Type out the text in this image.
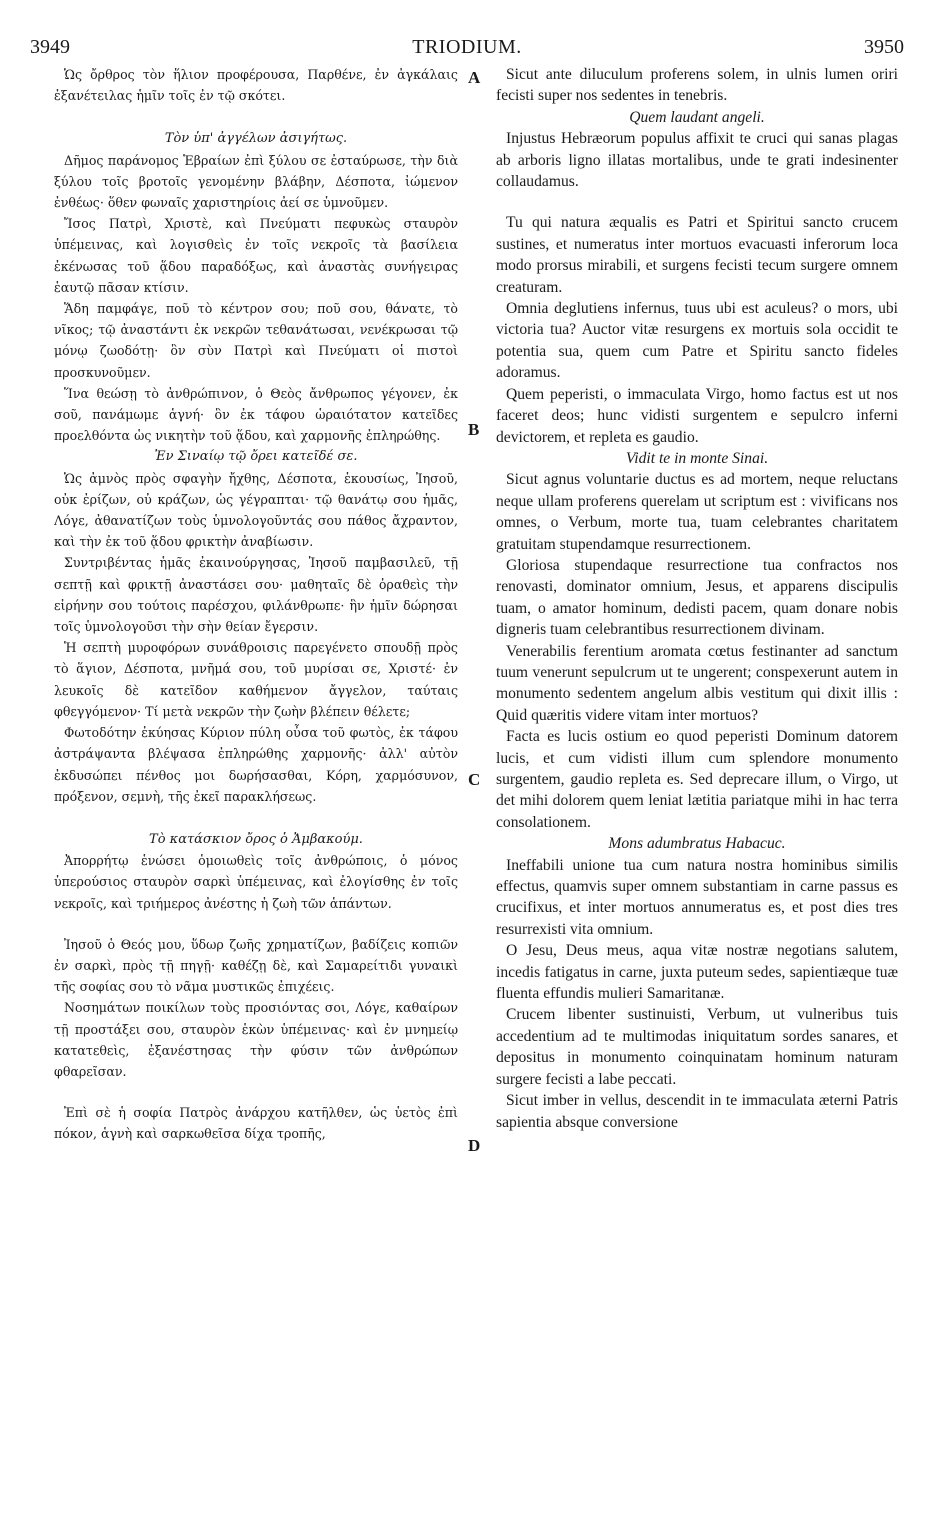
3949	TRIODIUM.	3950
A
B
C
D

Ὡς ὄρθρος τὸν ἥλιον προφέρουσα, Παρθένε, ἐν ἀγκάλαις ἐξανέτειλας ἡμῖν τοῖς ἐν τῷ σκότει.

Τὸν ὑπ' ἀγγέλων ἀσιγήτως.

Δῆμος παράνομος Ἑβραίων ἐπὶ ξύλου σε ἐσταύρωσε, τὴν διὰ ξύλου τοῖς βροτοῖς γενομένην βλάβην, Δέσποτα, ἰώμενον ἐνθέως· ὅθεν φωναῖς χαριστηρίοις ἀεί σε ὑμνοῦμεν.

Ἴσος Πατρὶ, Χριστὲ, καὶ Πνεύματι πεφυκὼς σταυρὸν ὑπέμεινας, καὶ λογισθεὶς ἐν τοῖς νεκροῖς τὰ βασίλεια ἐκένωσας τοῦ ᾅδου παραδόξως, καὶ ἀναστὰς συνήγειρας ἑαυτῷ πᾶσαν κτίσιν.

Ἅδη παμφάγε, ποῦ τὸ κέντρον σου; ποῦ σου, θάνατε, τὸ νῖκος; τῷ ἀναστάντι ἐκ νεκρῶν τεθανάτωσαι, νενέκρωσαι τῷ μόνῳ ζωοδότῃ· ὃν σὺν Πατρὶ καὶ Πνεύματι οἱ πιστοὶ προσκυνοῦμεν.

Ἵνα θεώσῃ τὸ ἀνθρώπινον, ὁ Θεὸς ἄνθρωπος γέγονεν, ἐκ σοῦ, πανάμωμε ἁγνή· ὃν ἐκ τάφου ὡραιότατον κατεῖδες προελθόντα ὡς νικητὴν τοῦ ᾅδου, καὶ χαρμονῆς ἐπληρώθης.

Ἐν Σιναίῳ τῷ ὄρει κατεῖδέ σε.

Ὡς ἀμνὸς πρὸς σφαγὴν ἤχθης, Δέσποτα, ἑκουσίως, Ἰησοῦ, οὐκ ἐρίζων, οὐ κράζων, ὡς γέγραπται· τῷ θανάτῳ σου ἡμᾶς, Λόγε, ἀθανατίζων τοὺς ὑμνολογοῦντάς σου πάθος ἄχραντον, καὶ τὴν ἐκ τοῦ ᾅδου φρικτὴν ἀναβίωσιν.

Συντριβέντας ἡμᾶς ἐκαινούργησας, Ἰησοῦ παμβασιλεῦ, τῇ σεπτῇ καὶ φρικτῇ ἀναστάσει σου· μαθηταῖς δὲ ὀραθεὶς τὴν εἰρήνην σου τούτοις παρέσχου, φιλάνθρωπε· ἣν ἡμῖν δώρησαι τοῖς ὑμνολογοῦσι τὴν σὴν θείαν ἔγερσιν.

Ἡ σεπτὴ μυροφόρων συνάθροισις παρεγένετο σπουδῇ πρὸς τὸ ἅγιον, Δέσποτα, μνῆμά σου, τοῦ μυρίσαι σε, Χριστέ· ἐν λευκοῖς δὲ κατεῖδον καθήμενον ἄγγελον, ταύταις φθεγγόμενον· Τί μετὰ νεκρῶν τὴν ζωὴν βλέπειν θέλετε;

Φωτοδότην ἐκύησας Κύριον πύλη οὖσα τοῦ φωτὸς, ἐκ τάφου ἀστράψαντα βλέψασα ἐπληρώθης χαρμονῆς· ἀλλ' αὐτὸν ἐκδυσώπει πένθος μοι δωρήσασθαι, Κόρη, χαρμόσυνον, πρόξενον, σεμνὴ, τῆς ἐκεῖ παρακλήσεως.

Τὸ κατάσκιον ὄρος ὁ Ἀμβακούμ.

Ἀπορρήτῳ ἑνώσει ὁμοιωθεὶς τοῖς ἀνθρώποις, ὁ μόνος ὑπερούσιος σταυρὸν σαρκὶ ὑπέμεινας, καὶ ἐλογίσθης ἐν τοῖς νεκροῖς, καὶ τριήμερος ἀνέστης ἡ ζωὴ τῶν ἁπάντων.

Ἰησοῦ ὁ Θεός μου, ὕδωρ ζωῆς χρηματίζων, βαδίζεις κοπιῶν ἐν σαρκὶ, πρὸς τῇ πηγῇ· καθέζῃ δὲ, καὶ Σαμαρείτιδι γυναικὶ τῆς σοφίας σου τὸ νᾶμα μυστικῶς ἐπιχέεις.

Νοσημάτων ποικίλων τοὺς προσιόντας σοι, Λόγε, καθαίρων τῇ προστάξει σου, σταυρὸν ἑκὼν ὑπέμεινας· καὶ ἐν μνημείῳ κατατεθεὶς, ἐξανέστησας τὴν φύσιν τῶν ἀνθρώπων φθαρεῖσαν.

Ἐπὶ σὲ ἡ σοφία Πατρὸς ἀνάρχου κατῆλθεν, ὡς ὑετὸς ἐπὶ πόκον, ἁγνὴ καὶ σαρκωθεῖσα δίχα τροπῆς,

Sicut ante diluculum proferens solem, in ulnis lumen oriri fecisti super nos sedentes in tenebris.

Quem laudant angeli.

Injustus Hebræorum populus affixit te cruci qui sanas plagas ab arboris ligno illatas mortalibus, unde te grati indesinenter collaudamus.

Tu qui natura æqualis es Patri et Spiritui sancto crucem sustines, et numeratus inter mortuos evacuasti inferorum loca modo prorsus mirabili, et surgens fecisti tecum surgere omnem creaturam.

Omnia deglutiens infernus, tuus ubi est aculeus? o mors, ubi victoria tua? Auctor vitæ resurgens ex mortuis sola occidit te potentia sua, quem cum Patre et Spiritu sancto fideles adoramus.

Quem peperisti, o immaculata Virgo, homo factus est ut nos faceret deos; hunc vidisti surgentem e sepulcro inferni devictorem, et repleta es gaudio.

Vidit te in monte Sinai.

Sicut agnus voluntarie ductus es ad mortem, neque reluctans neque ullam proferens querelam ut scriptum est : vivificans nos omnes, o Verbum, morte tua, tuam celebrantes charitatem gratuitam stupendamque resurrectionem.

Gloriosa stupendaque resurrectione tua confractos nos renovasti, dominator omnium, Jesus, et apparens discipulis tuam, o amator hominum, dedisti pacem, quam donare nobis digneris tuam celebrantibus resurrectionem divinam.

Venerabilis ferentium aromata cœtus festinanter ad sanctum tuum venerunt sepulcrum ut te ungerent; conspexerunt autem in monumento sedentem angelum albis vestitum qui dixit illis : Quid quæritis videre vitam inter mortuos?

Facta es lucis ostium eo quod peperisti Dominum datorem lucis, et cum vidisti illum cum splendore monumento surgentem, gaudio repleta es. Sed deprecare illum, o Virgo, ut det mihi dolorem quem leniat lætitia pariatque mihi in hac terra consolationem.

Mons adumbratus Habacuc.

Ineffabili unione tua cum natura nostra hominibus similis effectus, quamvis super omnem substantiam in carne passus es crucifixus, et inter mortuos annumeratus es, et post dies tres resurrexisti vita omnium.

O Jesu, Deus meus, aqua vitæ nostræ negotians salutem, incedis fatigatus in carne, juxta puteum sedes, sapientiæque tuæ fluenta effundis mulieri Samaritanæ.

Crucem libenter sustinuisti, Verbum, ut vulneribus tuis accedentium ad te multimodas iniquitatum sordes sanares, et depositus in monumento coinquinatam hominum naturam surgere fecisti a labe peccati.

Sicut imber in vellus, descendit in te immaculata æterni Patris sapientia absque conversione
